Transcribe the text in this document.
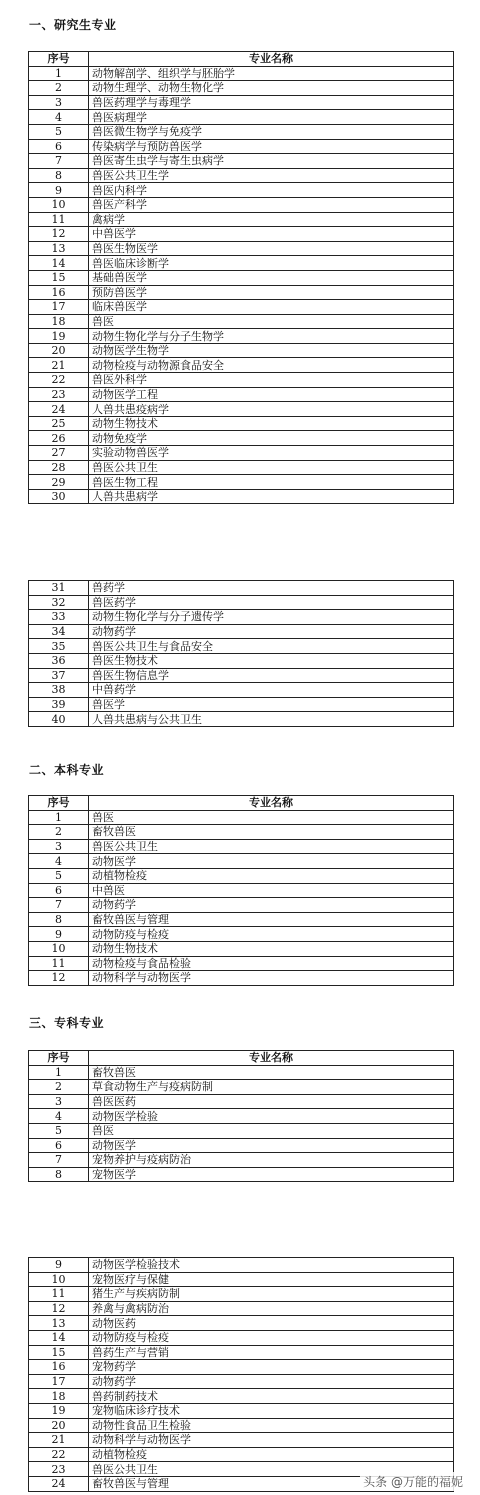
一、研究生专业
序号	专业名称
1	动物解剖学、组织学与胚胎学
2	动物生理学、动物生物化学
3	兽医药理学与毒理学
4	兽医病理学
5	兽医微生物学与免疫学
6	传染病学与预防兽医学
7	兽医寄生虫学与寄生虫病学
8	兽医公共卫生学
9	兽医内科学
10	兽医产科学
11	禽病学
12	中兽医学
13	兽医生物医学
14	兽医临床诊断学
15	基础兽医学
16	预防兽医学
17	临床兽医学
18	兽医
19	动物生物化学与分子生物学
20	动物医学生物学
21	动物检疫与动物源食品安全
22	兽医外科学
23	动物医学工程
24	人兽共患疫病学
25	动物生物技术
26	动物免疫学
27	实验动物兽医学
28	兽医公共卫生
29	兽医生物工程
30	人兽共患病学
31	兽药学
32	兽医药学
33	动物生物化学与分子遗传学
34	动物药学
35	兽医公共卫生与食品安全
36	兽医生物技术
37	兽医生物信息学
38	中兽药学
39	兽医学
40	人兽共患病与公共卫生
二、本科专业
序号	专业名称
1	兽医
2	畜牧兽医
3	兽医公共卫生
4	动物医学
5	动植物检疫
6	中兽医
7	动物药学
8	畜牧兽医与管理
9	动物防疫与检疫
10	动物生物技术
11	动物检疫与食品检验
12	动物科学与动物医学
三、专科专业
序号	专业名称
1	畜牧兽医
2	草食动物生产与疫病防制
3	兽医医药
4	动物医学检验
5	兽医
6	动物医学
7	宠物养护与疫病防治
8	宠物医学
9	动物医学检验技术
10	宠物医疗与保健
11	猪生产与疾病防制
12	养禽与禽病防治
13	动物医药
14	动物防疫与检疫
15	兽药生产与营销
16	宠物药学
17	动物药学
18	兽药制药技术
19	宠物临床诊疗技术
20	动物性食品卫生检验
21	动物科学与动物医学
22	动植物检疫
23	兽医公共卫生
24	畜牧兽医与管理	头条 @万能的福妮
